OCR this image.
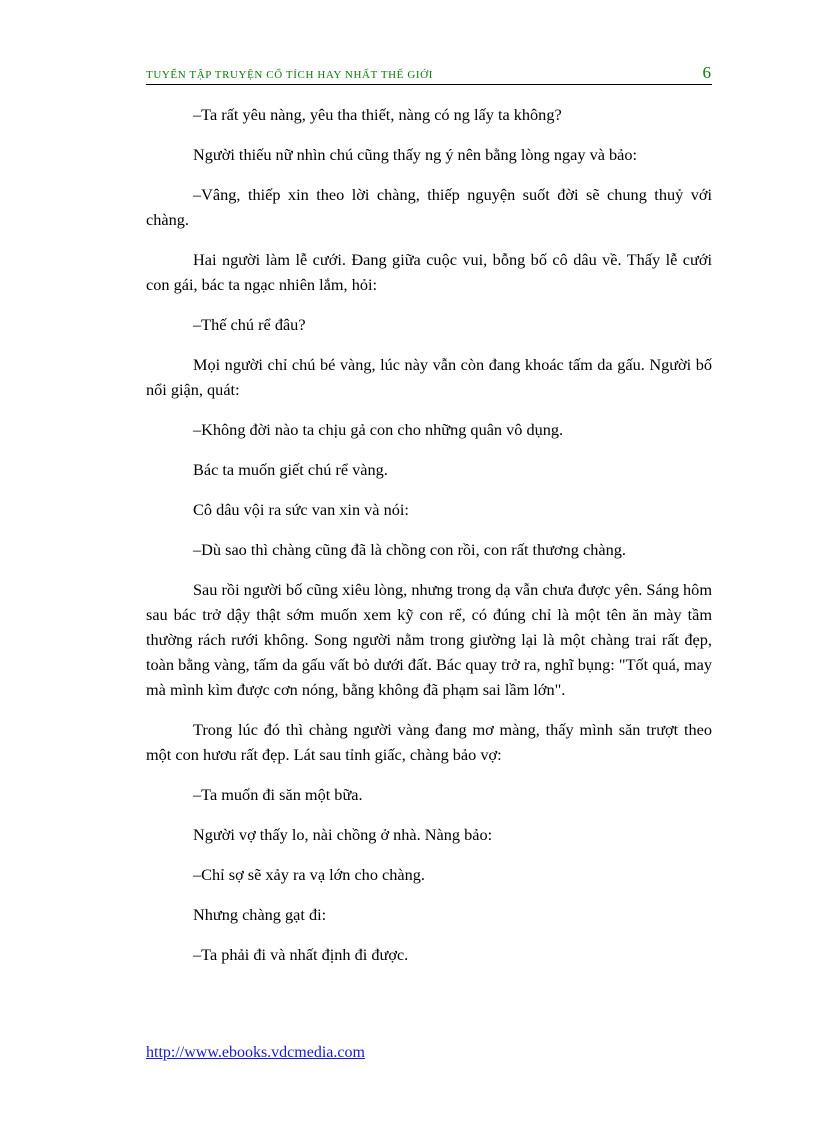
TUYỂN TẬP TRUYỆN CỔ TÍCH HAY NHẤT THẾ GIỚI	6

–Ta rất yêu nàng, yêu tha thiết, nàng có ng lấy ta không?

Người thiếu nữ nhìn chú cũng thấy ng ý nên bằng lòng ngay và bảo:

–Vâng, thiếp xin theo lời chàng, thiếp nguyện suốt đời sẽ chung thuỷ với chàng.

Hai người làm lễ cưới. Đang giữa cuộc vui, bỗng bố cô dâu về. Thấy lễ cưới con gái, bác ta ngạc nhiên lắm, hỏi:

–Thế chú rể đâu?

Mọi người chỉ chú bé vàng, lúc này vẫn còn đang khoác tấm da gấu. Người bố nổi giận, quát:

–Không đời nào ta chịu gả con cho những quân vô dụng.

Bác ta muốn giết chú rể vàng.

Cô dâu vội ra sức van xin và nói:

–Dù sao thì chàng cũng đã là chồng con rồi, con rất thương chàng.

Sau rồi người bố cũng xiêu lòng, nhưng trong dạ vẫn chưa được yên. Sáng hôm sau bác trở dậy thật sớm muốn xem kỹ con rể, có đúng chỉ là một tên ăn mày tầm thường rách rưới không. Song người nằm trong giường lại là một chàng trai rất đẹp, toàn bằng vàng, tấm da gấu vất bỏ dưới đất. Bác quay trở ra, nghĩ bụng: "Tốt quá, may mà mình kìm được cơn nóng, bằng không đã phạm sai lầm lớn".

Trong lúc đó thì chàng người vàng đang mơ màng, thấy mình săn trượt theo một con hươu rất đẹp. Lát sau tỉnh giấc, chàng bảo vợ:

–Ta muốn đi săn một bữa.

Người vợ thấy lo, nài chồng ở nhà. Nàng bảo:

–Chỉ sợ sẽ xảy ra vạ lớn cho chàng.

Nhưng chàng gạt đi:

–Ta phải đi và nhất định đi được.

http://www.ebooks.vdcmedia.com
